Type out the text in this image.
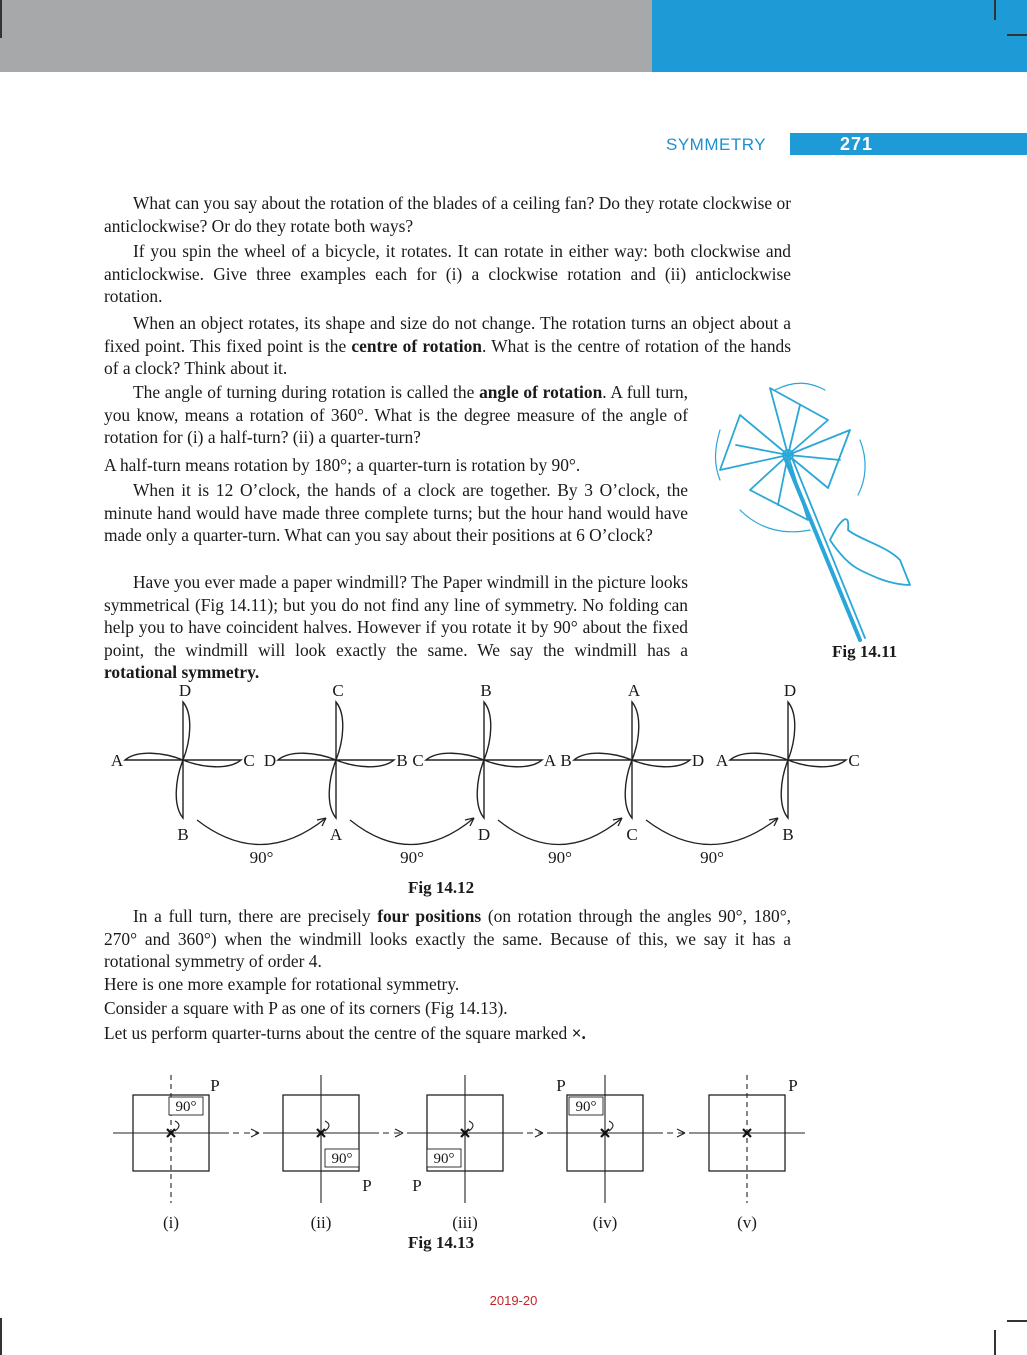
SYMMETRY	271

What can you say about the rotation of the blades of a ceiling fan? Do they rotate clockwise or anticlockwise? Or do they rotate both ways?

If you spin the wheel of a bicycle, it rotates. It can rotate in either way: both clockwise and anticlockwise. Give three examples each for (i) a clockwise rotation and (ii) anticlockwise rotation.

When an object rotates, its shape and size do not change. The rotation turns an object about a fixed point. This fixed point is the centre of rotation. What is the centre of rotation of the hands of a clock? Think about it.

The angle of turning during rotation is called the angle of rotation. A full turn, you know, means a rotation of 360°. What is the degree measure of the angle of rotation for (i) a half-turn? (ii) a quarter-turn?

A half-turn means rotation by 180°; a quarter-turn is rotation by 90°.

When it is 12 O’clock, the hands of a clock are together. By 3 O’clock, the minute hand would have made three complete turns; but the hour hand would have made only a quarter-turn. What can you say about their positions at 6 O’clock?

Have you ever made a paper windmill? The Paper windmill in the picture looks symmetrical (Fig 14.11); but you do not find any line of symmetry. No folding can help you to have coincident halves. However if you rotate it by 90° about the fixed point, the windmill will look exactly the same. We say the windmill has a rotational symmetry.

Fig 14.11
D
C
A
B
C
B
D
A
B
A
C
D
A
D
B
C
D
C
A
B
90°	90°	90°	90°
Fig 14.12

In a full turn, there are precisely four positions (on rotation through the angles 90°, 180°, 270° and 360°) when the windmill looks exactly the same. Because of this, we say it has a rotational symmetry of order 4.

Here is one more example for rotational symmetry.

Consider a square with P as one of its corners (Fig 14.13).

Let us perform quarter-turns about the centre of the square marked ×.

P
90°
(i)
P
90°
(ii)
P
90°
(iii)
P
90°
(iv)
P
(v)
Fig 14.13
2019-20
